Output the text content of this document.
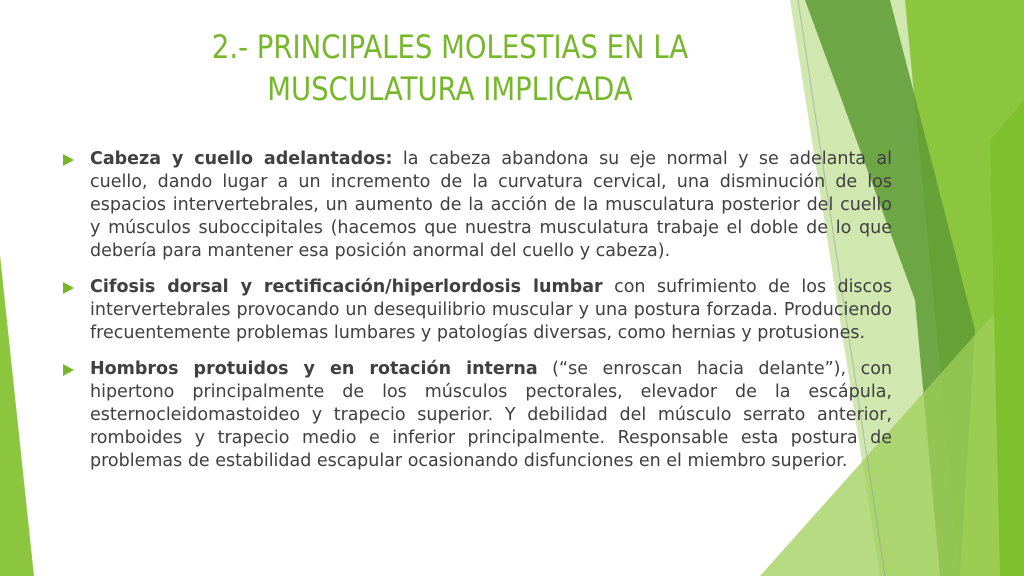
2.- PRINCIPALES MOLESTIAS EN LA
MUSCULATURA IMPLICADA
Cabeza y cuello adelantados: la cabeza abandona su eje normal y se adelanta al cuello, dando lugar a un incremento de la curvatura cervical, una disminución de los espacios intervertebrales, un aumento de la acción de la musculatura posterior del cuello y músculos suboccipitales (hacemos que nuestra musculatura trabaje el doble de lo que debería para mantener esa posición anormal del cuello y cabeza).
Cifosis dorsal y rectificación/hiperlordosis lumbar con sufrimiento de los discos intervertebrales provocando un desequilibrio muscular y una postura forzada. Produciendo frecuentemente problemas lumbares y patologías diversas, como hernias y protusiones.
Hombros protuidos y en rotación interna (“se enroscan hacia delante”), con hipertono principalmente de los músculos pectorales, elevador de la escápula, esternocleidomastoideo y trapecio superior. Y debilidad del músculo serrato anterior, romboides y trapecio medio e inferior principalmente. Responsable esta postura de problemas de estabilidad escapular ocasionando disfunciones en el miembro superior.
